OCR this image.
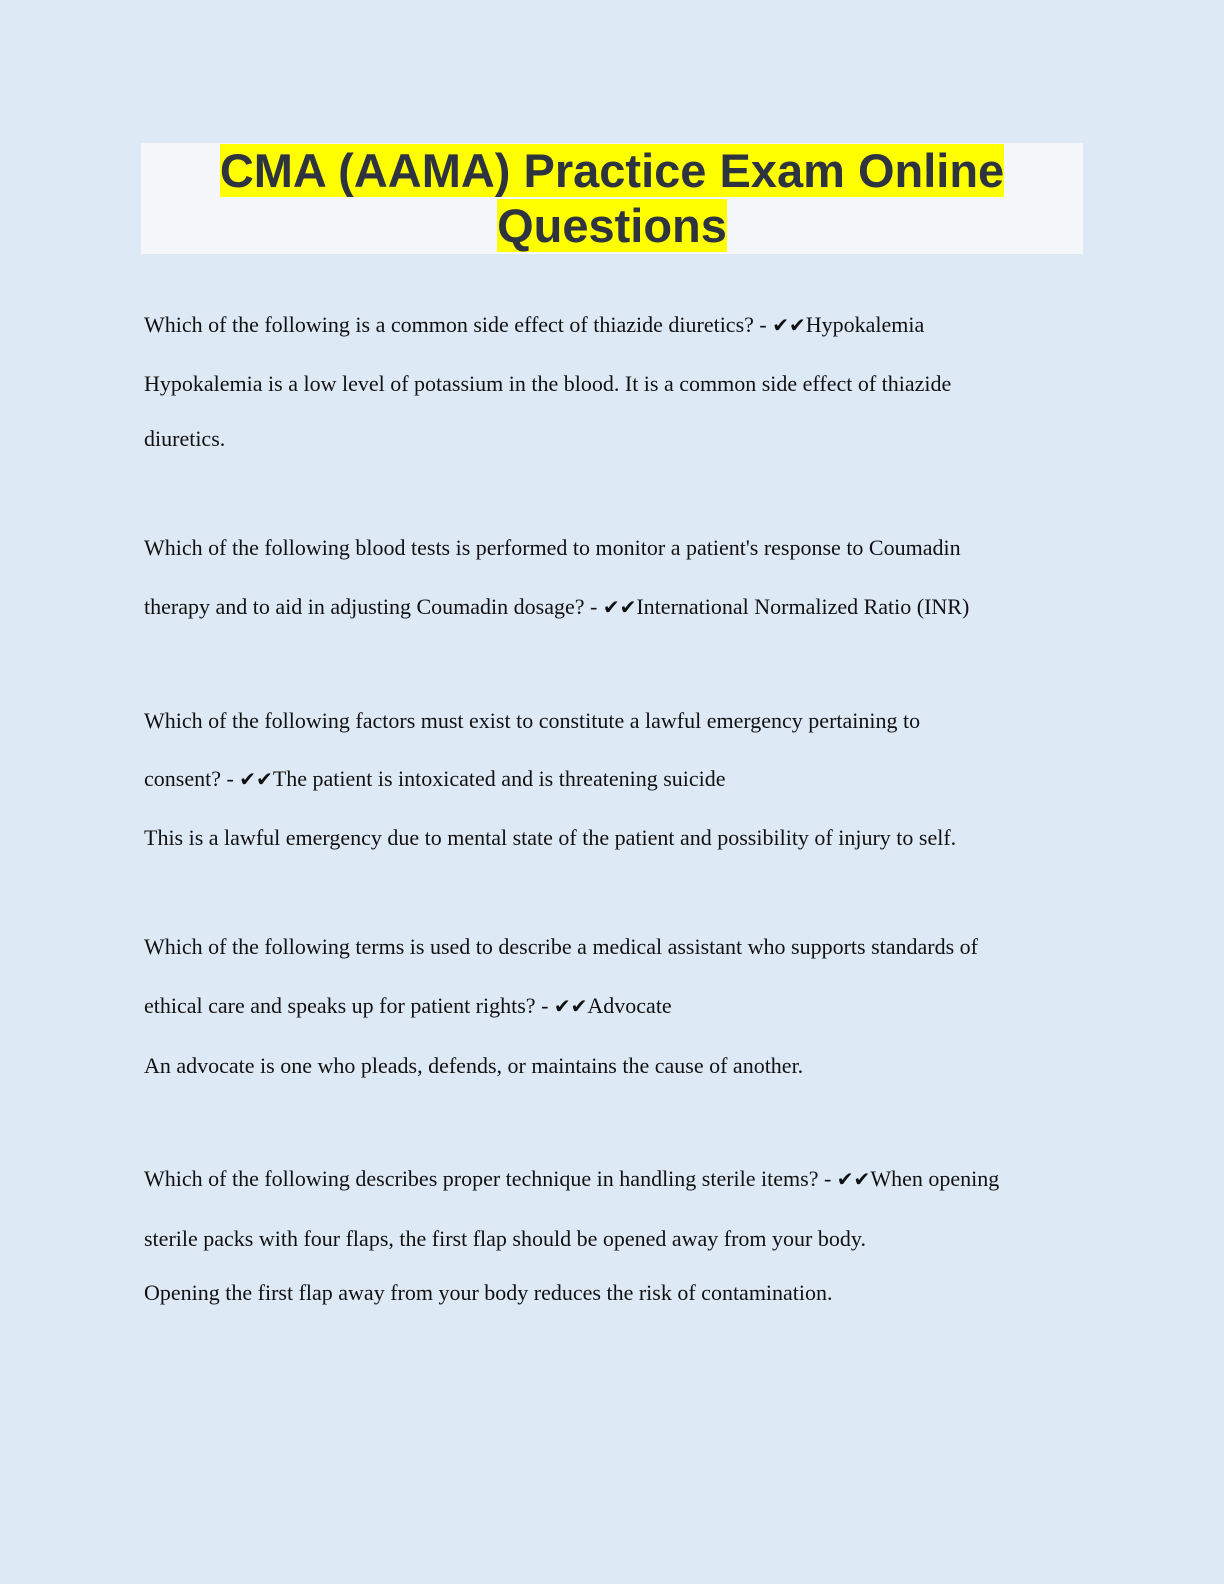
CMA (AAMA) Practice Exam Online
Questions
Which of the following is a common side effect of thiazide diuretics? - ✔✔Hypokalemia
Hypokalemia is a low level of potassium in the blood. It is a common side effect of thiazide
diuretics.
Which of the following blood tests is performed to monitor a patient's response to Coumadin
therapy and to aid in adjusting Coumadin dosage? - ✔✔International Normalized Ratio (INR)
Which of the following factors must exist to constitute a lawful emergency pertaining to
consent? - ✔✔The patient is intoxicated and is threatening suicide
This is a lawful emergency due to mental state of the patient and possibility of injury to self.
Which of the following terms is used to describe a medical assistant who supports standards of
ethical care and speaks up for patient rights? - ✔✔Advocate
An advocate is one who pleads, defends, or maintains the cause of another.
Which of the following describes proper technique in handling sterile items? - ✔✔When opening
sterile packs with four flaps, the first flap should be opened away from your body.
Opening the first flap away from your body reduces the risk of contamination.
